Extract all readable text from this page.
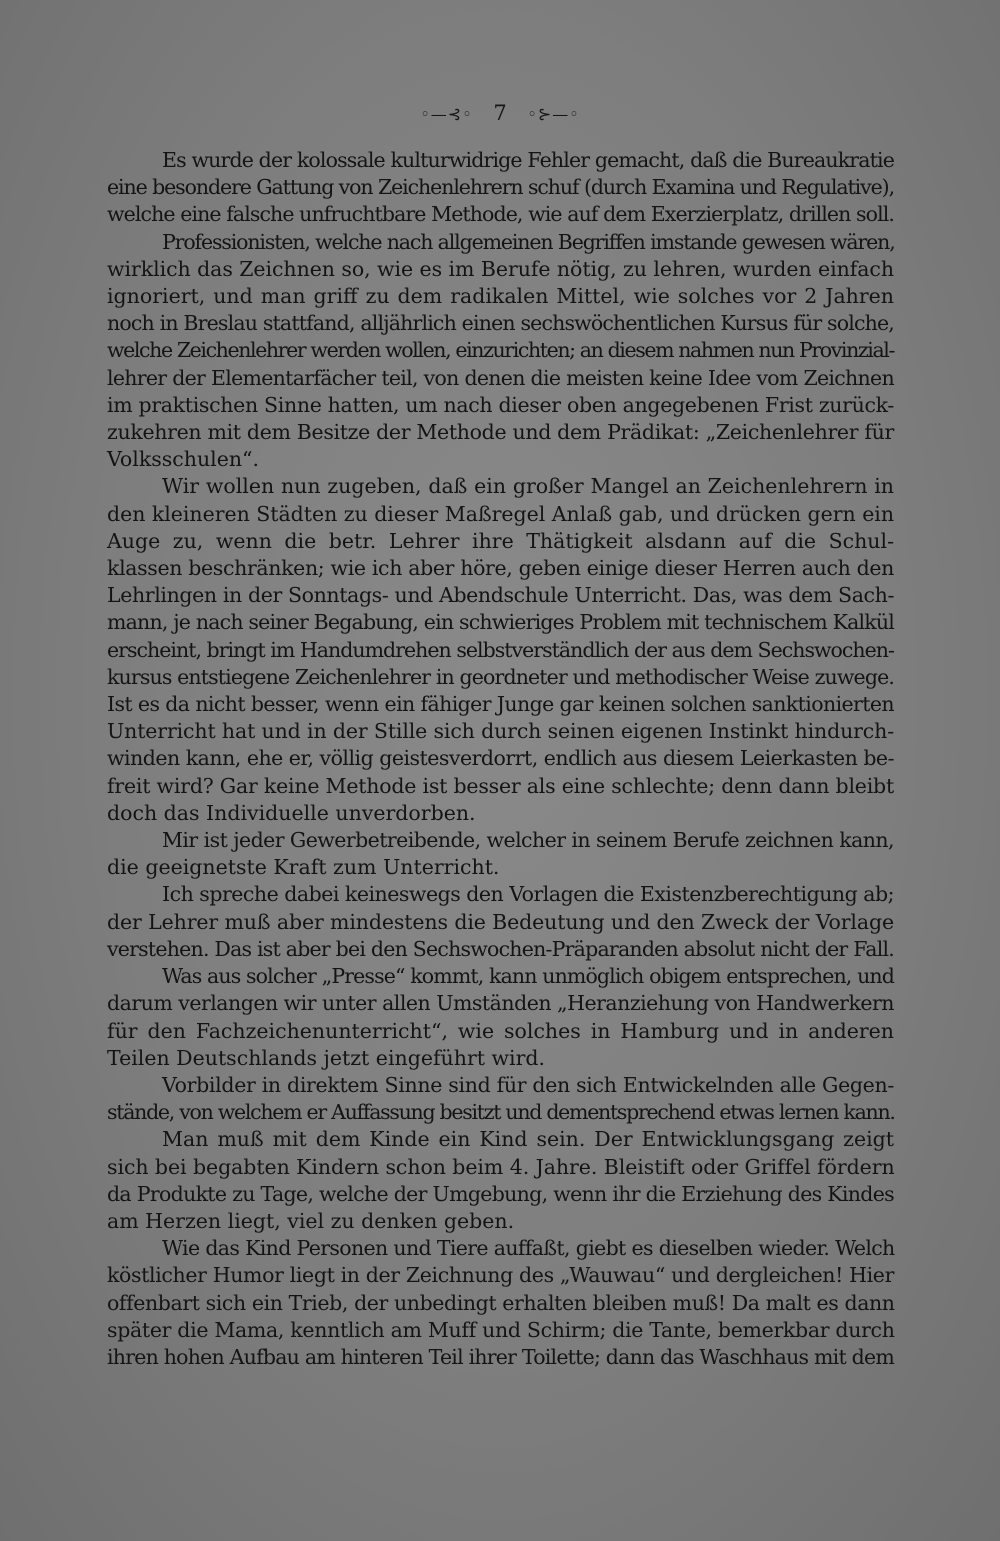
◦—⊰◦ 7 ◦⊱—◦
Es wurde der kolossale kulturwidrige Fehler gemacht, daß die Bureaukratie
eine besondere Gattung von Zeichenlehrern schuf (durch Examina und Regulative),
welche eine falsche unfruchtbare Methode, wie auf dem Exerzierplatz, drillen soll.
Professionisten, welche nach allgemeinen Begriffen imstande gewesen wären,
wirklich das Zeichnen so, wie es im Berufe nötig, zu lehren, wurden einfach
ignoriert, und man griff zu dem radikalen Mittel, wie solches vor 2 Jahren
noch in Breslau stattfand, alljährlich einen sechswöchentlichen Kursus für solche,
welche Zeichenlehrer werden wollen, einzurichten; an diesem nahmen nun Provinzial-
lehrer der Elementarfächer teil, von denen die meisten keine Idee vom Zeichnen
im praktischen Sinne hatten, um nach dieser oben angegebenen Frist zurück-
zukehren mit dem Besitze der Methode und dem Prädikat: „Zeichenlehrer für
Volksschulen“.
Wir wollen nun zugeben, daß ein großer Mangel an Zeichenlehrern in
den kleineren Städten zu dieser Maßregel Anlaß gab, und drücken gern ein
Auge zu, wenn die betr. Lehrer ihre Thätigkeit alsdann auf die Schul-
klassen beschränken; wie ich aber höre, geben einige dieser Herren auch den
Lehrlingen in der Sonntags- und Abendschule Unterricht. Das, was dem Sach-
mann, je nach seiner Begabung, ein schwieriges Problem mit technischem Kalkül
erscheint, bringt im Handumdrehen selbstverständlich der aus dem Sechswochen-
kursus entstiegene Zeichenlehrer in geordneter und methodischer Weise zuwege.
Ist es da nicht besser, wenn ein fähiger Junge gar keinen solchen sanktionierten
Unterricht hat und in der Stille sich durch seinen eigenen Instinkt hindurch-
winden kann, ehe er, völlig geistesverdorrt, endlich aus diesem Leierkasten be-
freit wird? Gar keine Methode ist besser als eine schlechte; denn dann bleibt
doch das Individuelle unverdorben.
Mir ist jeder Gewerbetreibende, welcher in seinem Berufe zeichnen kann,
die geeignetste Kraft zum Unterricht.
Ich spreche dabei keineswegs den Vorlagen die Existenzberechtigung ab;
der Lehrer muß aber mindestens die Bedeutung und den Zweck der Vorlage
verstehen. Das ist aber bei den Sechswochen-Präparanden absolut nicht der Fall.
Was aus solcher „Presse“ kommt, kann unmöglich obigem entsprechen, und
darum verlangen wir unter allen Umständen „Heranziehung von Handwerkern
für den Fachzeichenunterricht“, wie solches in Hamburg und in anderen
Teilen Deutschlands jetzt eingeführt wird.
Vorbilder in direktem Sinne sind für den sich Entwickelnden alle Gegen-
stände, von welchem er Auffassung besitzt und dementsprechend etwas lernen kann.
Man muß mit dem Kinde ein Kind sein. Der Entwicklungsgang zeigt
sich bei begabten Kindern schon beim 4. Jahre. Bleistift oder Griffel fördern
da Produkte zu Tage, welche der Umgebung, wenn ihr die Erziehung des Kindes
am Herzen liegt, viel zu denken geben.
Wie das Kind Personen und Tiere auffaßt, giebt es dieselben wieder. Welch
köstlicher Humor liegt in der Zeichnung des „Wauwau“ und dergleichen! Hier
offenbart sich ein Trieb, der unbedingt erhalten bleiben muß! Da malt es dann
später die Mama, kenntlich am Muff und Schirm; die Tante, bemerkbar durch
ihren hohen Aufbau am hinteren Teil ihrer Toilette; dann das Waschhaus mit dem
